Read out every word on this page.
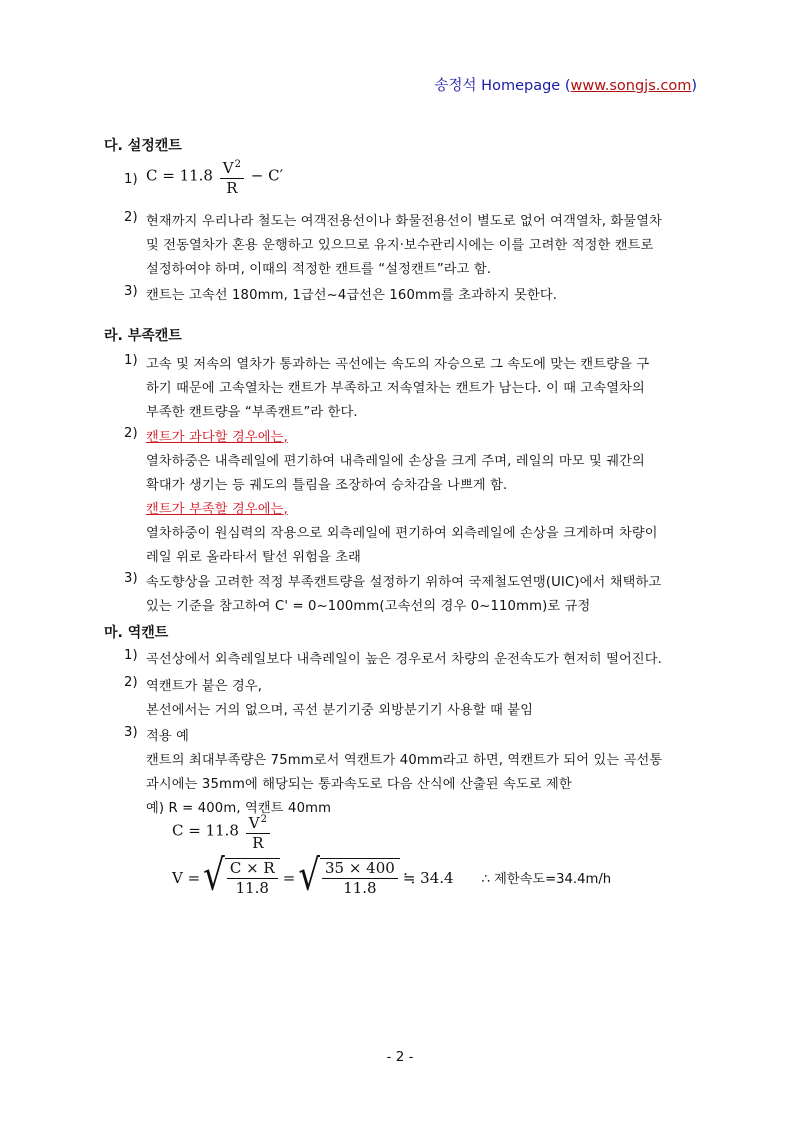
송정석 Homepage (www.songjs.com)
다. 설정캔트
1) $C = 11.8 \frac{V^2}{R} - C'$
2) 현재까지 우리나라 철도는 여객전용선이나 화물전용선이 별도로 없어 여객열차, 화물열차
및 전동열차가 혼용 운행하고 있으므로 유지·보수관리시에는 이를 고려한 적정한 캔트로
설정하여야 하며, 이때의 적정한 캔트를 “설정캔트”라고 함.
3) 캔트는 고속선 180mm, 1급선~4급선은 160mm를 초과하지 못한다.
라. 부족캔트
1) 고속 및 저속의 열차가 통과하는 곡선에는 속도의 자승으로 그 속도에 맞는 캔트량을 구
하기 때문에 고속열차는 캔트가 부족하고 저속열차는 캔트가 남는다. 이 때 고속열차의
부족한 캔트량을 “부족캔트”라 한다.
2) 캔트가 과다할 경우에는,
열차하중은 내측레일에 편기하여 내측레일에 손상을 크게 주며, 레일의 마모 및 궤간의
확대가 생기는 등 궤도의 틀림을 조장하여 승차감을 나쁘게 함.
캔트가 부족할 경우에는,
열차하중이 원심력의 작용으로 외측레일에 편기하여 외측레일에 손상을 크게하며 차량이
레일 위로 올라타서 탈선 위험을 초래
3) 속도향상을 고려한 적정 부족캔트량을 설정하기 위하여 국제철도연맹(UIC)에서 채택하고
있는 기준을 참고하여 C' = 0~100mm(고속선의 경우 0~110mm)로 규정
마. 역캔트
1) 곡선상에서 외측레일보다 내측레일이 높은 경우로서 차량의 운전속도가 현저히 떨어진다.
2) 역캔트가 붙은 경우,
본선에서는 거의 없으며, 곡선 분기기중 외방분기기 사용할 때 붙임
3) 적용 예
캔트의 최대부족량은 75mm로서 역캔트가 40mm라고 하면, 역캔트가 되어 있는 곡선통
과시에는 35mm에 해당되는 통과속도로 다음 산식에 산출된 속도로 제한
예) R = 400m, 역캔트 40mm
$C = 11.8 \frac{V^2}{R}$
V = √ $\frac{C \times R}{11.8}$ = √ $\frac{35 \times 400}{11.8}$ ≒ 34.4 ∴ 제한속도=34.4m/h
- 2 -
